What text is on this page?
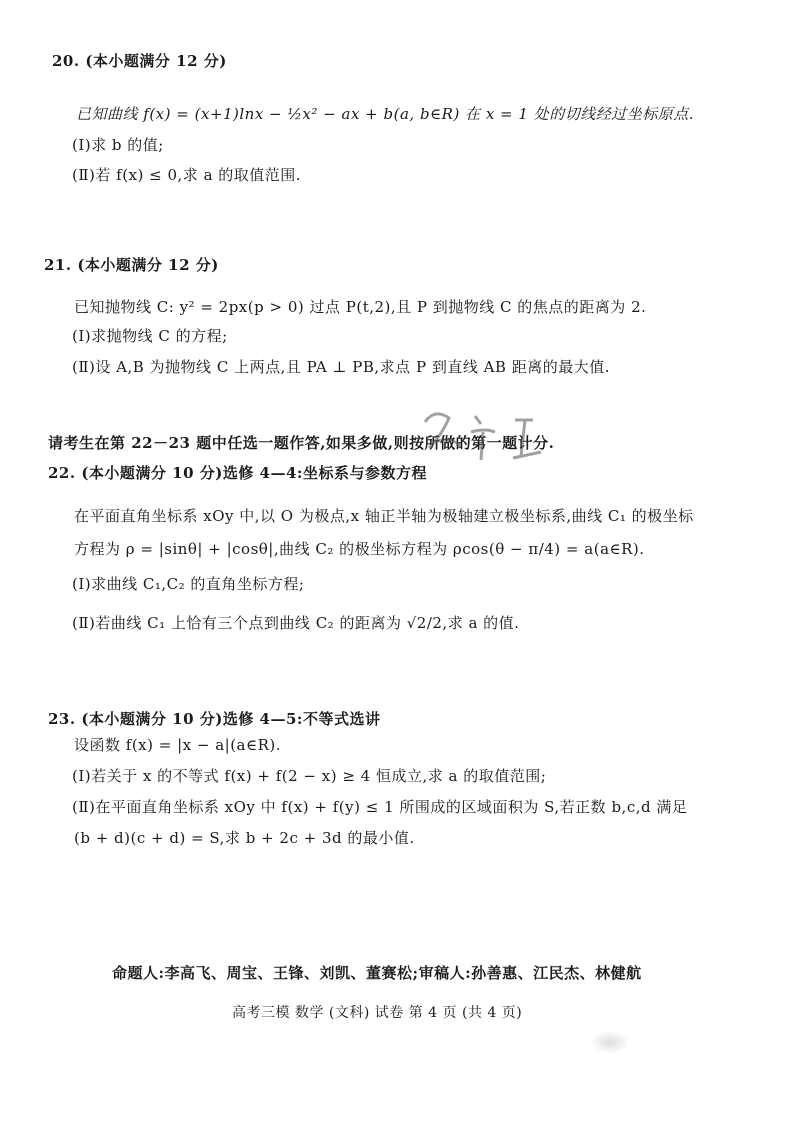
20. (本小题满分 12 分)
已知曲线 f(x) = (x+1)lnx − ½x² − ax + b(a, b∈R) 在 x = 1 处的切线经过坐标原点.
(Ⅰ)求 b 的值;
(Ⅱ)若 f(x) ≤ 0,求 a 的取值范围.
21. (本小题满分 12 分)
已知抛物线 C: y² = 2px(p > 0) 过点 P(t,2),且 P 到抛物线 C 的焦点的距离为 2.
(Ⅰ)求抛物线 C 的方程;
(Ⅱ)设 A,B 为抛物线 C 上两点,且 PA ⊥ PB,求点 P 到直线 AB 距离的最大值.
请考生在第 22－23 题中任选一题作答,如果多做,则按所做的第一题计分.
22. (本小题满分 10 分)选修 4—4:坐标系与参数方程
在平面直角坐标系 xOy 中,以 O 为极点,x 轴正半轴为极轴建立极坐标系,曲线 C₁ 的极坐标
方程为 ρ = |sinθ| + |cosθ|,曲线 C₂ 的极坐标方程为 ρcos(θ − π/4) = a(a∈R).
(Ⅰ)求曲线 C₁,C₂ 的直角坐标方程;
(Ⅱ)若曲线 C₁ 上恰有三个点到曲线 C₂ 的距离为 √2/2,求 a 的值.
23. (本小题满分 10 分)选修 4—5:不等式选讲
设函数 f(x) = |x − a|(a∈R).
(Ⅰ)若关于 x 的不等式 f(x) + f(2 − x) ≥ 4 恒成立,求 a 的取值范围;
(Ⅱ)在平面直角坐标系 xOy 中 f(x) + f(y) ≤ 1 所围成的区域面积为 S,若正数 b,c,d 满足
(b + d)(c + d) = S,求 b + 2c + 3d 的最小值.
命题人:李高飞、周宝、王锋、刘凯、董赛松;审稿人:孙善惠、江民杰、林健航
高考三模 数学 (文科) 试卷 第 4 页 (共 4 页)
